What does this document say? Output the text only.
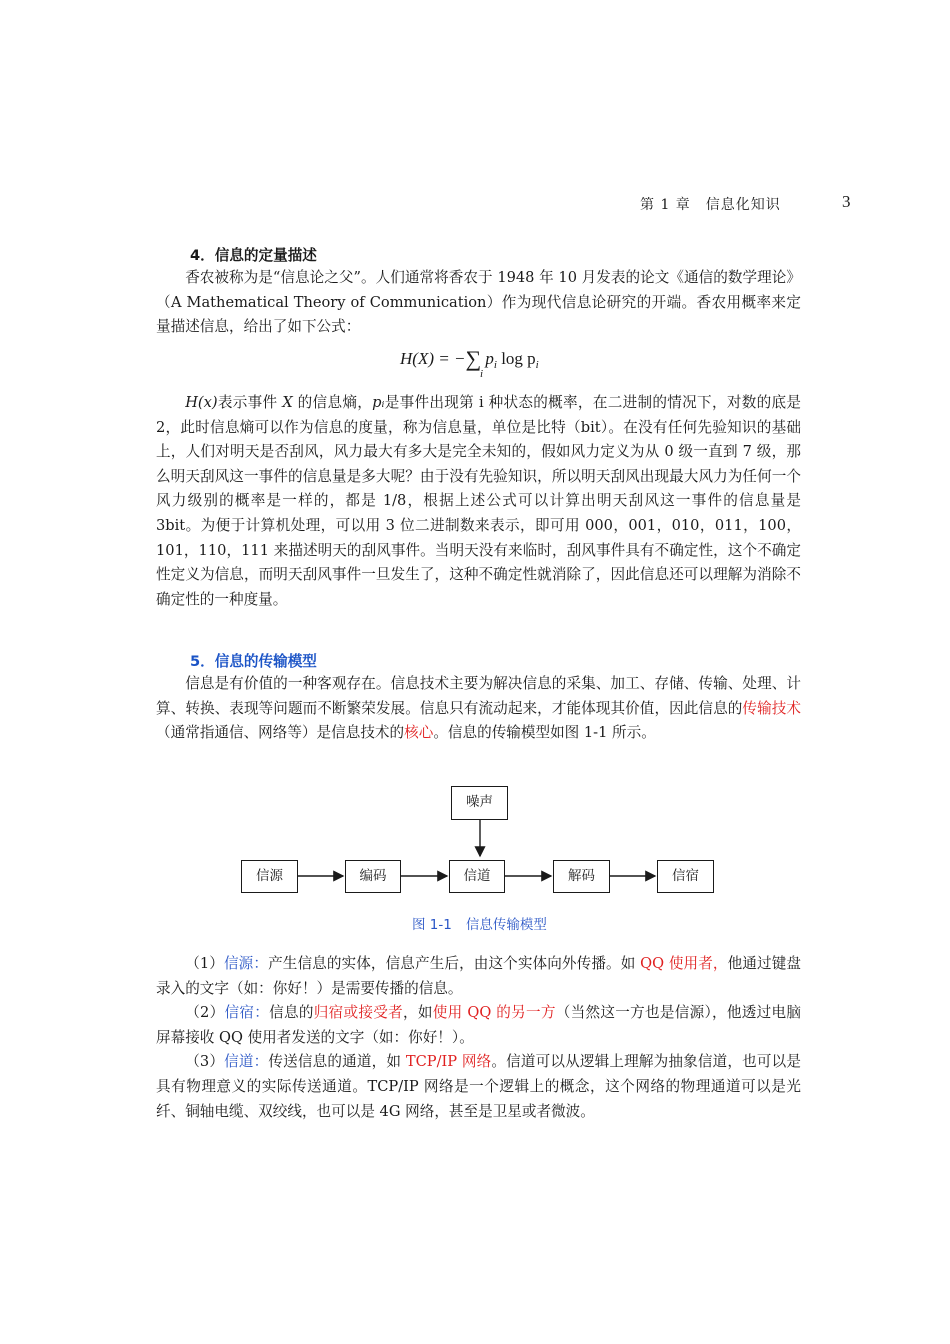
第 1 章　信息化知识	3
4．信息的定量描述

香农被称为是“信息论之父”。人们通常将香农于 1948 年 10 月发表的论文《通信的数学理论》（A Mathematical Theory of Communication）作为现代信息论研究的开端。香农用概率来定量描述信息，给出了如下公式：

H(X) = −∑ $p_i$ $\log p_i$
i

H(x)表示事件 X 的信息熵，pᵢ是事件出现第 i 种状态的概率，在二进制的情况下，对数的底是 2，此时信息熵可以作为信息的度量，称为信息量，单位是比特（bit）。在没有任何先验知识的基础上，人们对明天是否刮风，风力最大有多大是完全未知的，假如风力定义为从 0 级一直到 7 级，那么明天刮风这一事件的信息量是多大呢？由于没有先验知识，所以明天刮风出现最大风力为任何一个风力级别的概率是一样的，都是 1/8，根据上述公式可以计算出明天刮风这一事件的信息量是 3bit。为便于计算机处理，可以用 3 位二进制数来表示，即可用 000，001，010，011，100，101，110，111 来描述明天的刮风事件。当明天没有来临时，刮风事件具有不确定性，这个不确定性定义为信息，而明天刮风事件一旦发生了，这种不确定性就消除了，因此信息还可以理解为消除不确定性的一种度量。

5．信息的传输模型

信息是有价值的一种客观存在。信息技术主要为解决信息的采集、加工、存储、传输、处理、计算、转换、表现等问题而不断繁荣发展。信息只有流动起来，才能体现其价值，因此信息的传输技术（通常指通信、网络等）是信息技术的核心。信息的传输模型如图 1-1 所示。

噪声
信源	编码	信道	解码	信宿
图 1-1 信息传输模型

（1）信源：产生信息的实体，信息产生后，由这个实体向外传播。如 QQ 使用者，他通过键盘录入的文字（如：你好！）是需要传播的信息。

（2）信宿：信息的归宿或接受者，如使用 QQ 的另一方（当然这一方也是信源），他透过电脑屏幕接收 QQ 使用者发送的文字（如：你好！）。

（3）信道：传送信息的通道，如 TCP/IP 网络。信道可以从逻辑上理解为抽象信道，也可以是具有物理意义的实际传送通道。TCP/IP 网络是一个逻辑上的概念，这个网络的物理通道可以是光纤、铜轴电缆、双绞线，也可以是 4G 网络，甚至是卫星或者微波。
